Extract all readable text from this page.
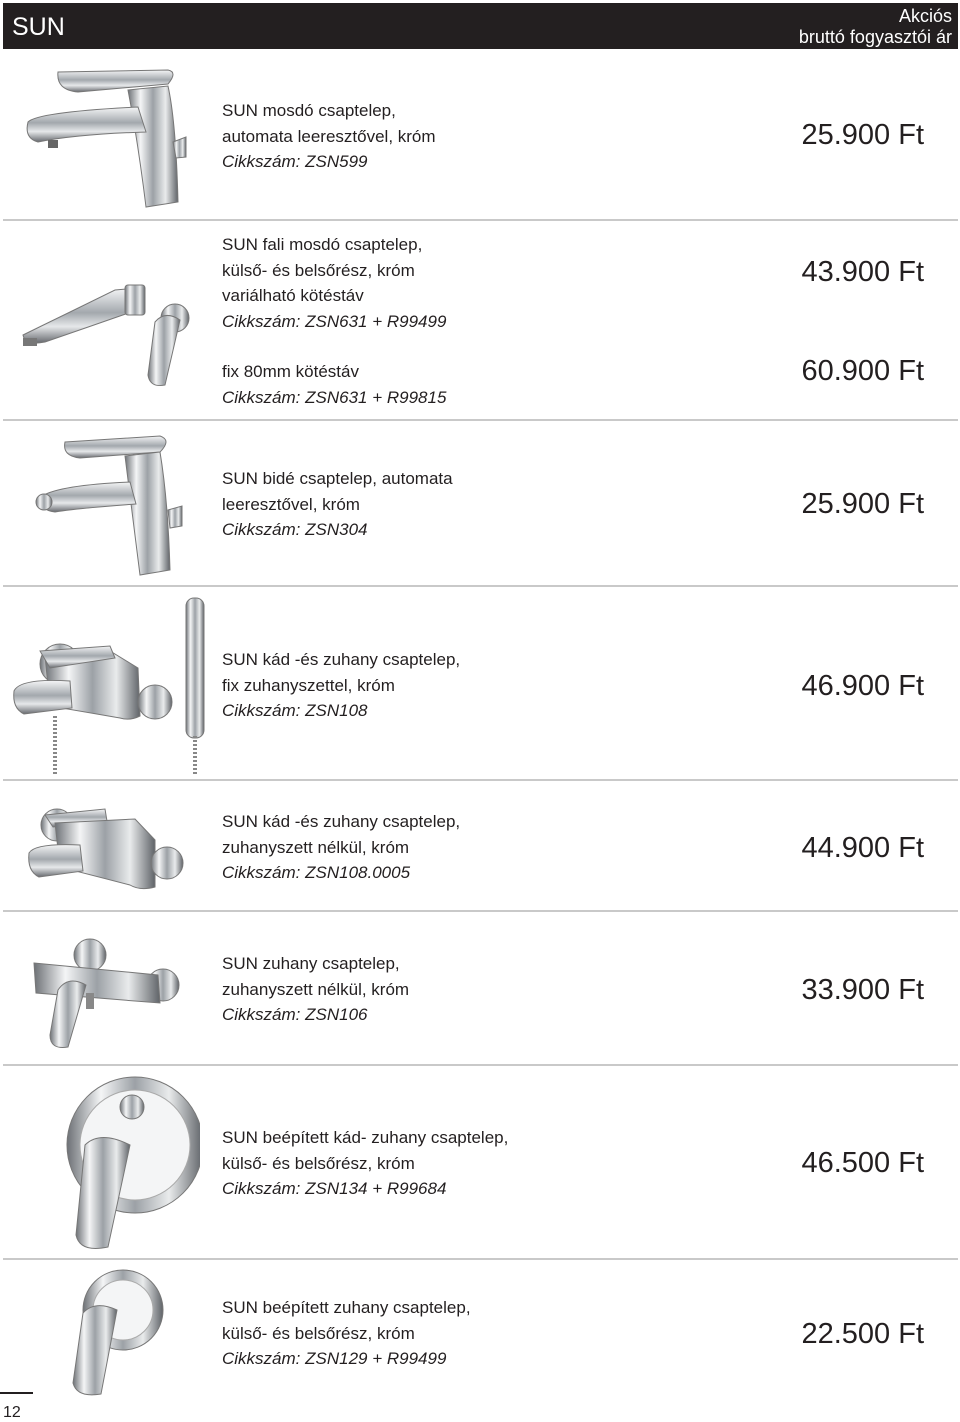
SUN	Akciós
bruttó fogyasztói ár
SUN mosdó csaptelep,
automata leeresztővel, króm
Cikkszám: ZSN599
25.900 Ft
SUN fali mosdó csaptelep,
külső- és belsőrész, króm
variálható kötéstáv
Cikkszám: ZSN631 + R99499
43.900 Ft
fix 80mm kötéstáv
Cikkszám: ZSN631 + R99815
60.900 Ft
SUN bidé csaptelep, automata
leeresztővel, króm
Cikkszám: ZSN304
25.900 Ft
SUN kád -és zuhany csaptelep,
fix zuhanyszettel, króm
Cikkszám: ZSN108
46.900 Ft
SUN kád -és zuhany csaptelep,
zuhanyszett nélkül, króm
Cikkszám: ZSN108.0005
44.900 Ft
SUN zuhany csaptelep,
zuhanyszett nélkül, króm
Cikkszám: ZSN106
33.900 Ft
SUN beépített kád- zuhany csaptelep,
külső- és belsőrész, króm
Cikkszám: ZSN134 + R99684
46.500 Ft
SUN beépített zuhany csaptelep,
külső- és belsőrész, króm
Cikkszám: ZSN129 + R99499
22.500 Ft
12
